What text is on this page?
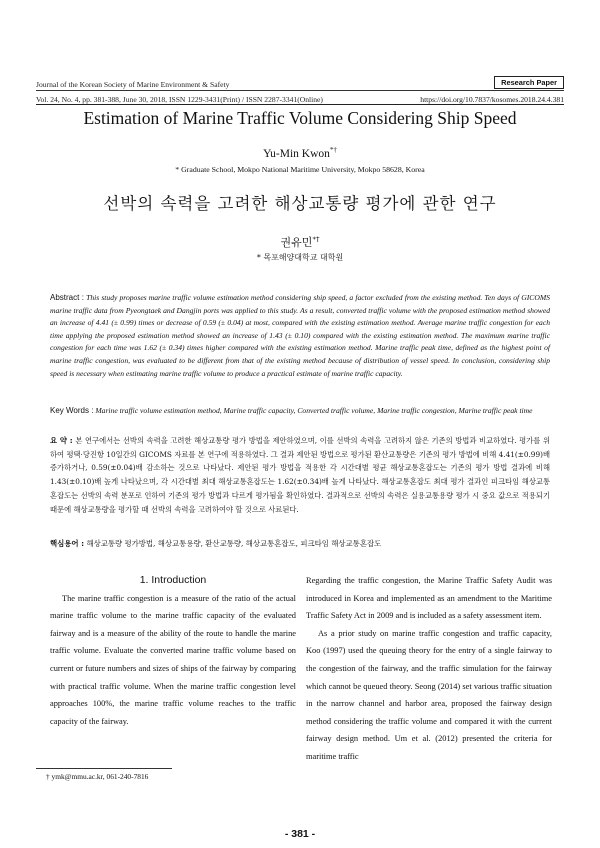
Journal of the Korean Society of Marine Environment & Safety	Research Paper
Vol. 24, No. 4, pp. 381-388, June 30, 2018, ISSN 1229-3431(Print) / ISSN 2287-3341(Online)	https://doi.org/10.7837/kosomes.2018.24.4.381
Estimation of Marine Traffic Volume Considering Ship Speed
Yu-Min Kwon*†
* Graduate School, Mokpo National Maritime University, Mokpo 58628, Korea
선박의 속력을 고려한 해상교통량 평가에 관한 연구
권유민*†
* 목포해양대학교 대학원
Abstract : This study proposes marine traffic volume estimation method considering ship speed, a factor excluded from the existing method. Ten days of GICOMS marine traffic data from Pyeongtaek and Dangjin ports was applied to this study. As a result, converted traffic volume with the proposed estimation method showed an increase of 4.41 (± 0.99) times or decrease of 0.59 (± 0.04) at most, compared with the existing estimation method. Average marine traffic congestion for each time applying the proposed estimation method showed an increase of 1.43 (± 0.10) compared with the existing estimation method. The maximum marine traffic congestion for each time was 1.62 (± 0.34) times higher compared with the existing estimation method. Marine traffic peak time, defined as the highest point of marine traffic congestion, was evaluated to be different from that of the existing method because of distribution of vessel speed. In conclusion, considering ship speed is necessary when estimating marine traffic volume to produce a practical estimate of marine traffic capacity.
Key Words : Marine traffic volume estimation method, Marine traffic capacity, Converted traffic volume, Marine traffic congestion, Marine traffic peak time
요 약 : 본 연구에서는 선박의 속력을 고려한 해상교통량 평가 방법을 제안하였으며, 이를 선박의 속력을 고려하지 않은 기존의 방법과 비교하였다. 평가를 위하여 평택·당진항 10일간의 GICOMS 자료를 본 연구에 적용하였다. 그 결과 제안된 방법으로 평가된 환산교통량은 기존의 평가 방법에 비해 4.41(±0.99)배 증가하거나, 0.59(±0.04)배 감소하는 것으로 나타났다. 제안된 평가 방법을 적용한 각 시간대별 평균 해상교통혼잡도는 기존의 평가 방법 결과에 비해 1.43(±0.10)배 높게 나타났으며, 각 시간대별 최대 해상교통혼잡도는 1.62(±0.34)배 높게 나타났다. 해상교통혼잡도 최대 평가 결과인 피크타임 해상교통혼잡도는 선박의 속력 분포로 인하여 기존의 평가 방법과 다르게 평가됨을 확인하였다. 결과적으로 선박의 속력은 실용교통용량 평가 시 중요 값으로 적용되기 때문에 해상교통량을 평가할 때 선박의 속력을 고려하여야 할 것으로 사료된다.
핵심용어 : 해상교통량 평가방법, 해상교통용량, 환산교통량, 해상교통혼잡도, 피크타임 해상교통혼잡도

1. Introduction

The marine traffic congestion is a measure of the ratio of the actual marine traffic volume to the marine traffic capacity of the evaluated fairway and is a measure of the ability of the route to handle the marine traffic volume. Evaluate the converted marine traffic volume based on current or future numbers and sizes of ships of the fairway by comparing with practical traffic volume. When the marine traffic congestion level approaches 100%, the marine traffic volume reaches to the traffic capacity of the fairway.

Regarding the traffic congestion, the Marine Traffic Safety Audit was introduced in Korea and implemented as an amendment to the Maritime Traffic Safety Act in 2009 and is included as a safety assessment item.

As a prior study on marine traffic congestion and traffic capacity, Koo (1997) used the queuing theory for the entry of a single fairway to the congestion of the fairway, and the traffic simulation for the fairway which cannot be queued theory. Seong (2014) set various traffic situation in the narrow channel and harbor area, proposed the fairway design method considering the traffic volume and compared it with the current fairway design method. Um et al. (2012) presented the criteria for maritime traffic

† ymk@mmu.ac.kr, 061-240-7816
- 381 -
